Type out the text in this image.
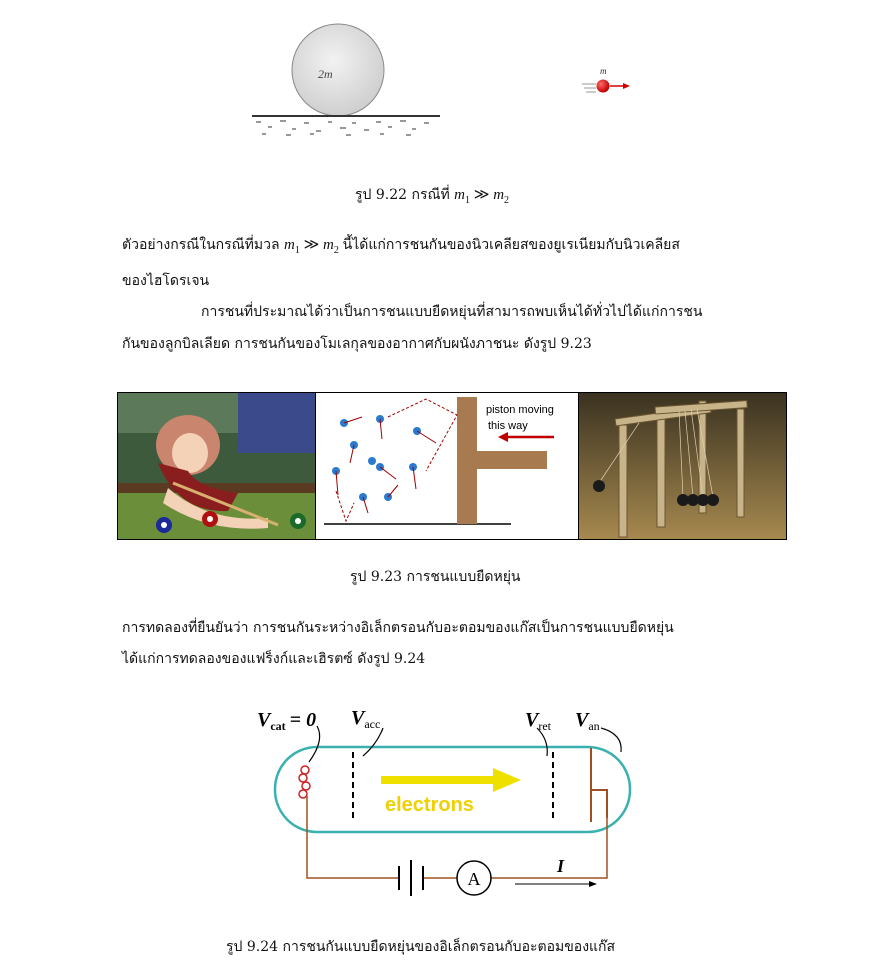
2m	m
รูป 9.22 กรณีที่ $m_1$ ≫ $m_2$
ตัวอย่างกรณีในกรณีที่มวล $m_1$ ≫ $m_2$ นี้ได้แก่การชนกันของนิวเคลียสของยูเรเนียมกับนิวเคลียส
ของไฮโดรเจน
การชนที่ประมาณได้ว่าเป็นการชนแบบยืดหยุ่นที่สามารถพบเห็นได้ทั่วไปได้แก่การชน
กันของลูกบิลเลียด การชนกันของโมเลกุลของอากาศกับผนังภาชนะ ดังรูป 9.23
piston moving
this way
รูป 9.23 การชนแบบยืดหยุ่น
การทดลองที่ยืนยันว่า การชนกันระหว่างอิเล็กตรอนกับอะตอมของแก๊สเป็นการชนแบบยืดหยุ่น
ได้แก่การทดลองของแฟร็งก์และเฮิรตซ์ ดังรูป 9.24
electrons
$V_{cat} = 0$ $V_{acc}$	$V_{ret}$ $V_{an}$
A
I
รูป 9.24 การชนกันแบบยืดหยุ่นของอิเล็กตรอนกับอะตอมของแก๊ส
